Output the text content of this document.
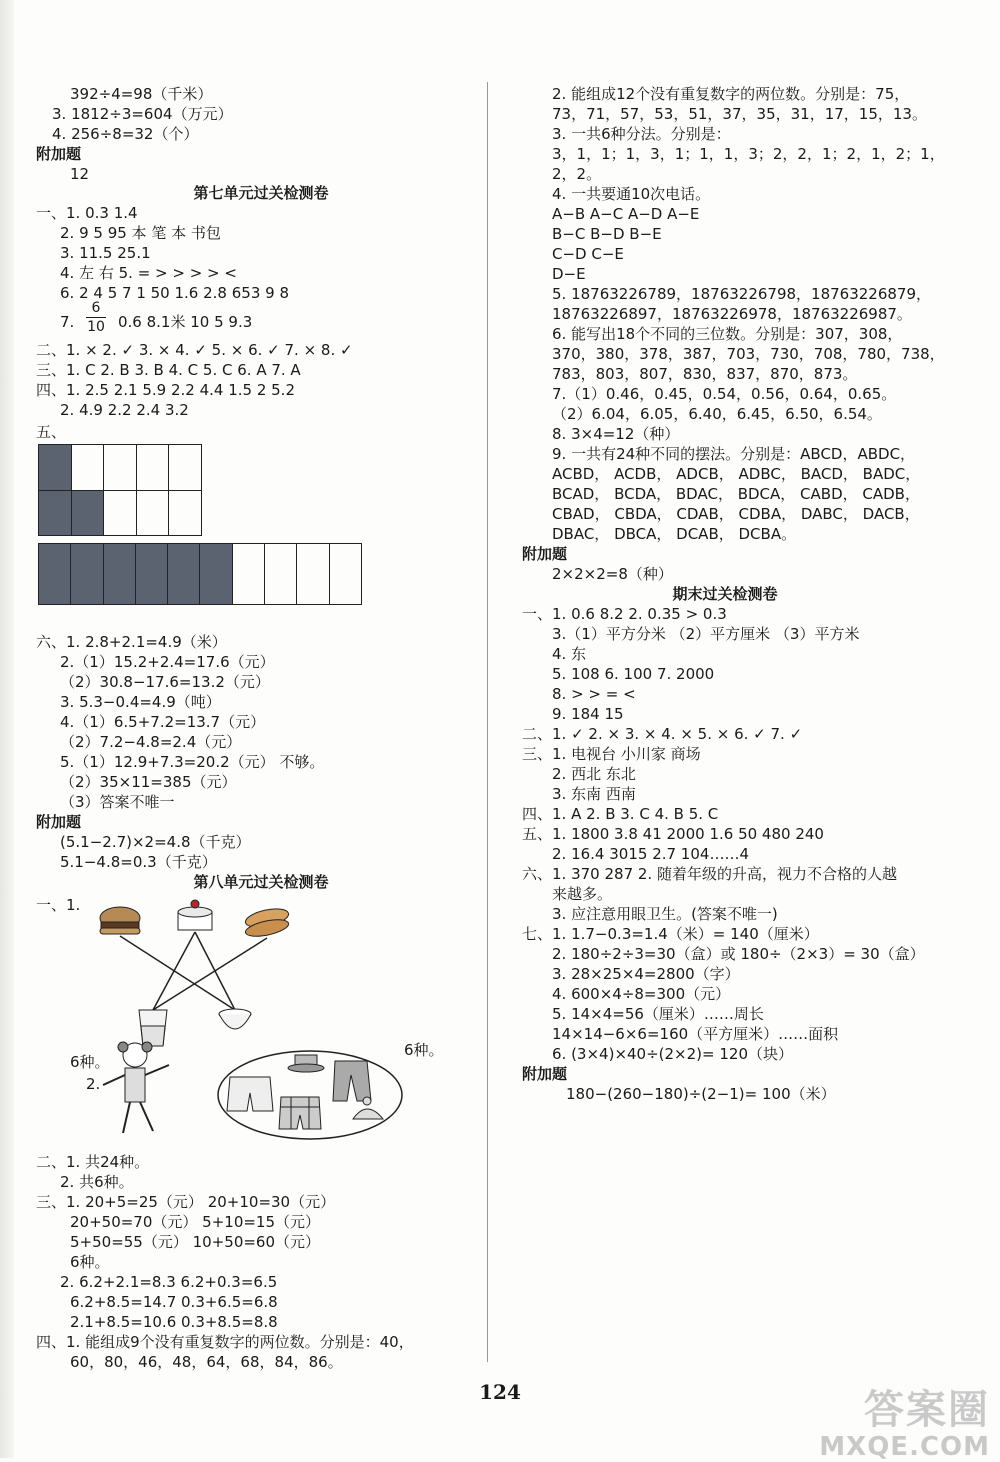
392÷4=98（千米）
3. 1812÷3=604（万元）
4. 256÷8=32（个）
附加题
12
第七单元过关检测卷
一、1. 0.3 1.4
2. 9 5 95 本 笔 本 书包
3. 11.5 25.1
4. 左 右 5. = > > > > <
6. 2 4 5 7 1 50 1.6 2.8 653 9 8
7.
6
10 0.6 8.1米 10 5 9.3
二、1. × 2. ✓ 3. × 4. ✓ 5. × 6. ✓ 7. × 8. ✓
三、1. C 2. B 3. B 4. C 5. C 6. A 7. A
四、1. 2.5 2.1 5.9 2.2 4.4 1.5 2 5.2
2. 4.9 2.2 2.4 3.2
五、

六、1. 2.8+2.1=4.9（米）
2.（1）15.2+2.4=17.6（元）
（2）30.8−17.6=13.2（元）
3. 5.3−0.4=4.9（吨）
4.（1）6.5+7.2=13.7（元）
（2）7.2−4.8=2.4（元）
5.（1）12.9+7.3=20.2（元） 不够。
（2）35×11=385（元）
（3）答案不唯一
附加题
(5.1−2.7)×2=4.8（千克）
5.1−4.8=0.3（千克）
第八单元过关检测卷
一、1.
6种。
2.
6种。
二、1. 共24种。
2. 共6种。
三、1. 20+5=25（元） 20+10=30（元）
20+50=70（元） 5+10=15（元）
5+50=55（元） 10+50=60（元）
6种。
2. 6.2+2.1=8.3 6.2+0.3=6.5
6.2+8.5=14.7 0.3+6.5=6.8
2.1+8.5=10.6 0.3+8.5=8.8
四、1. 能组成9个没有重复数字的两位数。分别是：40，
60，80，46，48，64，68，84，86。
2. 能组成12个没有重复数字的两位数。分别是：75，
73，71，57，53，51，37，35，31，17，15，13。
3. 一共6种分法。分别是：
3，1，1；1，3，1；1，1，3；2，2，1；2，1，2；1，
2，2。
4. 一共要通10次电话。
A−B A−C A−D A−E
B−C B−D B−E
C−D C−E
D−E
5. 18763226789，18763226798，18763226879，
18763226897，18763226978，18763226987。
6. 能写出18个不同的三位数。分别是：307，308，
370，380，378，387，703，730，708，780，738，
783，803，807，830，837，870，873。
7.（1）0.46，0.45，0.54，0.56，0.64，0.65。
（2）6.04，6.05，6.40，6.45，6.50，6.54。
8. 3×4=12（种）
9. 一共有24种不同的摆法。分别是：ABCD，ABDC，
ACBD， ACDB， ADCB， ADBC， BACD， BADC，
BCAD， BCDA， BDAC， BDCA， CABD， CADB，
CBAD， CBDA， CDAB， CDBA， DABC， DACB，
DBAC， DBCA， DCAB， DCBA。
附加题
2×2×2=8（种）
期末过关检测卷
一、1. 0.6 8.2 2. 0.35 > 0.3
3.（1）平方分米 （2）平方厘米 （3）平方米
4. 东
5. 108 6. 100 7. 2000
8. > > = <
9. 184 15
二、1. ✓ 2. × 3. × 4. × 5. × 6. ✓ 7. ✓
三、1. 电视台 小川家 商场
2. 西北 东北
3. 东南 西南
四、1. A 2. B 3. C 4. B 5. C
五、1. 1800 3.8 41 2000 1.6 50 480 240
2. 16.4 3015 2.7 104……4
六、1. 370 287 2. 随着年级的升高，视力不合格的人越
来越多。
3. 应注意用眼卫生。(答案不唯一)
七、1. 1.7−0.3=1.4（米）= 140（厘米）
2. 180÷2÷3=30（盒）或 180÷（2×3）= 30（盒）
3. 28×25×4=2800（字）
4. 600×4÷8=300（元）
5. 14×4=56（厘米）……周长
14×14−6×6=160（平方厘米）……面积
6. (3×4)×40÷(2×2)= 120（块）
附加题
180−(260−180)÷(2−1)= 100（米）
124	答案圈
MXQE.COM
